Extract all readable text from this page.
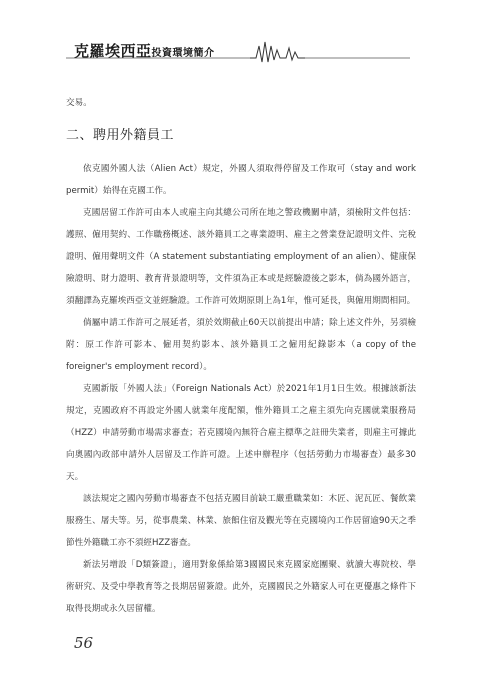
克羅埃西亞投資環境簡介

交易。

二、聘用外籍員工

依克國外國人法（Alien Act）規定，外國人須取得停留及工作取可（stay and work permit）始得在克國工作。

克國居留工作許可由本人或雇主向其總公司所在地之警政機關申請，須檢附文件包括：護照、僱用契約、工作職務概述、該外籍員工之專業證明、雇主之營業登記證明文件、完稅證明、僱用聲明文件（A statement substantiating employment of an alien）、健康保險證明、財力證明、教育背景證明等，文件須為正本或是經驗證後之影本，倘為國外語言，須翻譯為克羅埃西亞文並經驗證。工作許可效期原則上為1年，惟可延長，與僱用期間相同。

倘屬申請工作許可之展延者，須於效期截止60天以前提出申請；除上述文件外，另須檢附：原工作許可影本、僱用契約影本、該外籍員工之僱用紀錄影本（a copy of the foreigner's employment record）。

克國新版「外國人法」（Foreign Nationals Act）於2021年1月1日生效。根據該新法規定，克國政府不再設定外國人就業年度配額，惟外籍員工之雇主須先向克國就業服務局（HZZ）申請勞動市場需求審查；若克國境內無符合雇主標準之註冊失業者，則雇主可據此向奧國內政部申請外人居留及工作許可證。上述申辦程序（包括勞動力市場審查）最多30天。

該法規定之國內勞動市場審查不包括克國目前缺工嚴重職業如：木匠、泥瓦匠、餐飲業服務生、屠夫等。另，從事農業、林業、旅館住宿及觀光等在克國境內工作居留逾90天之季節性外籍職工亦不須經HZZ審查。

新法另增設「D類簽證」，適用對象係給第3國國民來克國家庭團聚、就讀大專院校、學術研究、及受中學教育等之長期居留簽證。此外，克國國民之外籍家人可在更優惠之條件下取得長期或永久居留權。

56
